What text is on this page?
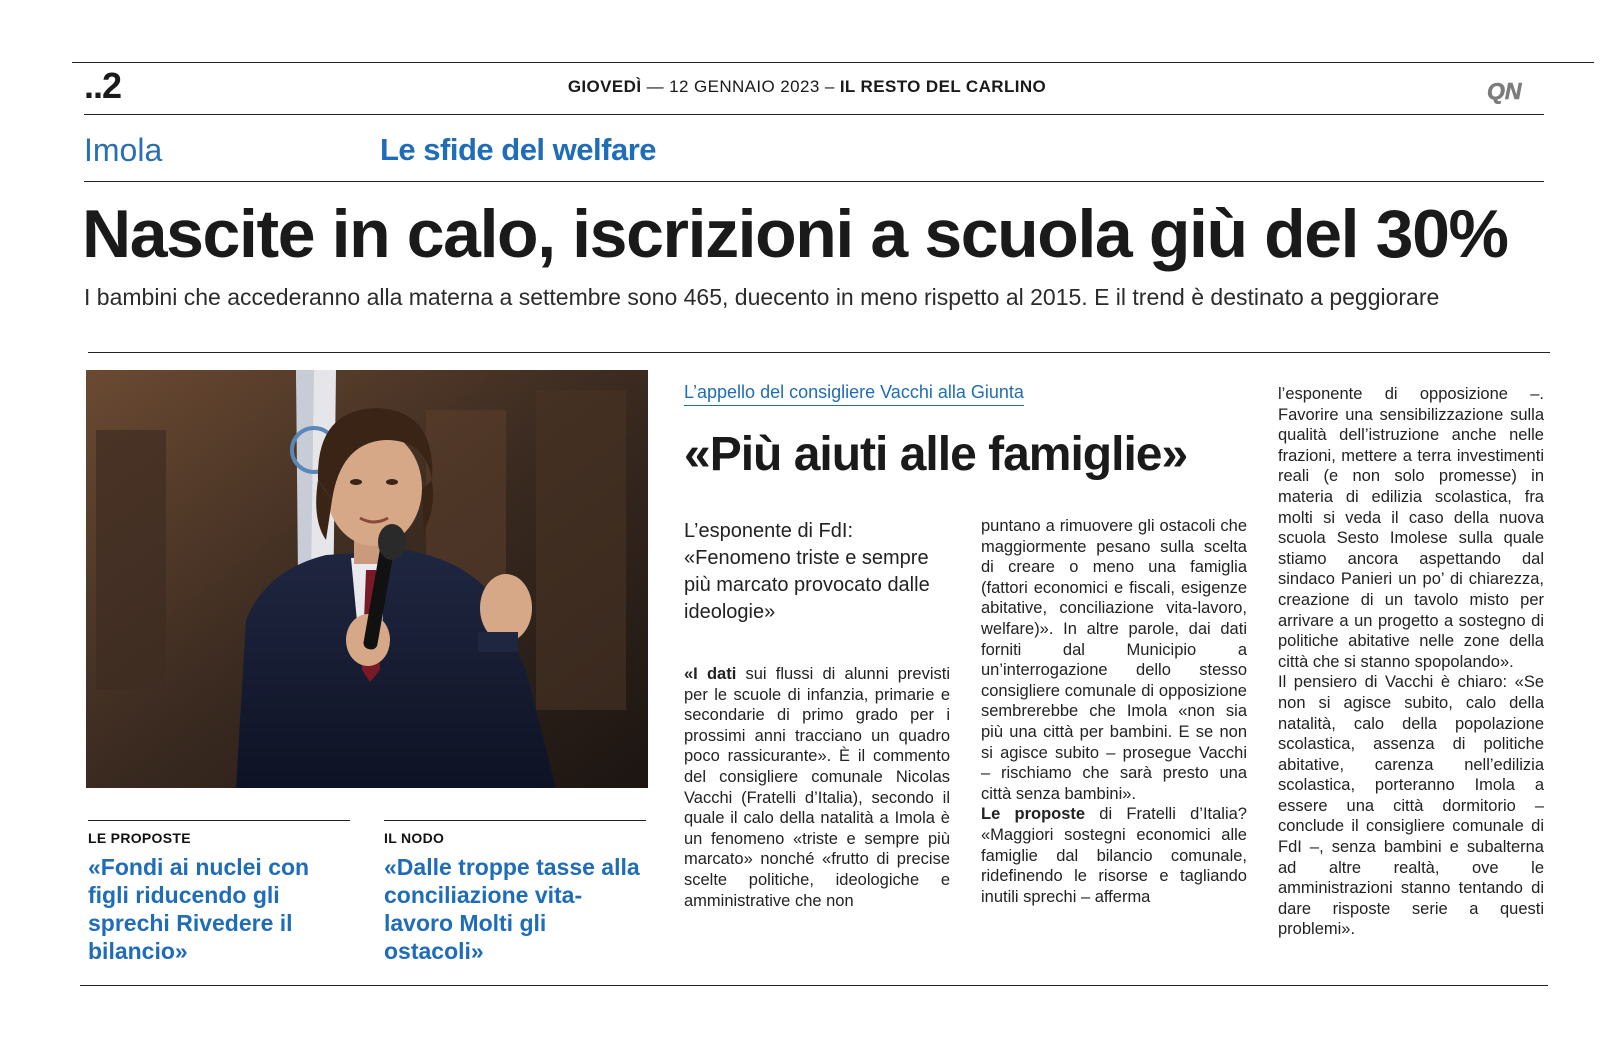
..2	GIOVEDÌ — 12 GENNAIO 2023 – IL RESTO DEL CARLINO	QN
Imola	Le sfide del welfare
Nascite in calo, iscrizioni a scuola giù del 30%
I bambini che accederanno alla materna a settembre sono 465, duecento in meno rispetto al 2015. E il trend è destinato a peggiorare
LE PROPOSTE
«Fondi ai nuclei con figli riducendo gli sprechi Rivedere il bilancio»
IL NODO
«Dalle troppe tasse alla conciliazione vita-lavoro Molti gli ostacoli»
L’appello del consigliere Vacchi alla Giunta
«Più aiuti alle famiglie»
L’esponente di FdI: «Fenomeno triste e sempre più marcato provocato dalle ideologie»

«I dati sui flussi di alunni previsti per le scuole di infanzia, primarie e secondarie di primo grado per i prossimi anni tracciano un quadro poco rassicurante». È il commento del consigliere comunale Nicolas Vacchi (Fratelli d’Italia), secondo il quale il calo della natalità a Imola è un fenomeno «triste e sempre più marcato» nonché «frutto di precise scelte politiche, ideologiche e amministrative che non

puntano a rimuovere gli ostacoli che maggiormente pesano sulla scelta di creare o meno una famiglia (fattori economici e fiscali, esigenze abitative, conciliazione vita-lavoro, welfare)». In altre parole, dai dati forniti dal Municipio a un’interrogazione dello stesso consigliere comunale di opposizione sembrerebbe che Imola «non sia più una città per bambini. E se non si agisce subito – prosegue Vacchi – rischiamo che sarà presto una città senza bambini».

Le proposte di Fratelli d’Italia? «Maggiori sostegni economici alle famiglie dal bilancio comunale, ridefinendo le risorse e tagliando inutili sprechi – afferma

l’esponente di opposizione –. Favorire una sensibilizzazione sulla qualità dell’istruzione anche nelle frazioni, mettere a terra investimenti reali (e non solo promesse) in materia di edilizia scolastica, fra molti si veda il caso della nuova scuola Sesto Imolese sulla quale stiamo ancora aspettando dal sindaco Panieri un po’ di chiarezza, creazione di un tavolo misto per arrivare a un progetto a sostegno di politiche abitative nelle zone della città che si stanno spopolando».

Il pensiero di Vacchi è chiaro: «Se non si agisce subito, calo della natalità, calo della popolazione scolastica, assenza di politiche abitative, carenza nell’edilizia scolastica, porteranno Imola a essere una città dormitorio – conclude il consigliere comunale di FdI –, senza bambini e subalterna ad altre realtà, ove le amministrazioni stanno tentando di dare risposte serie a questi problemi».
